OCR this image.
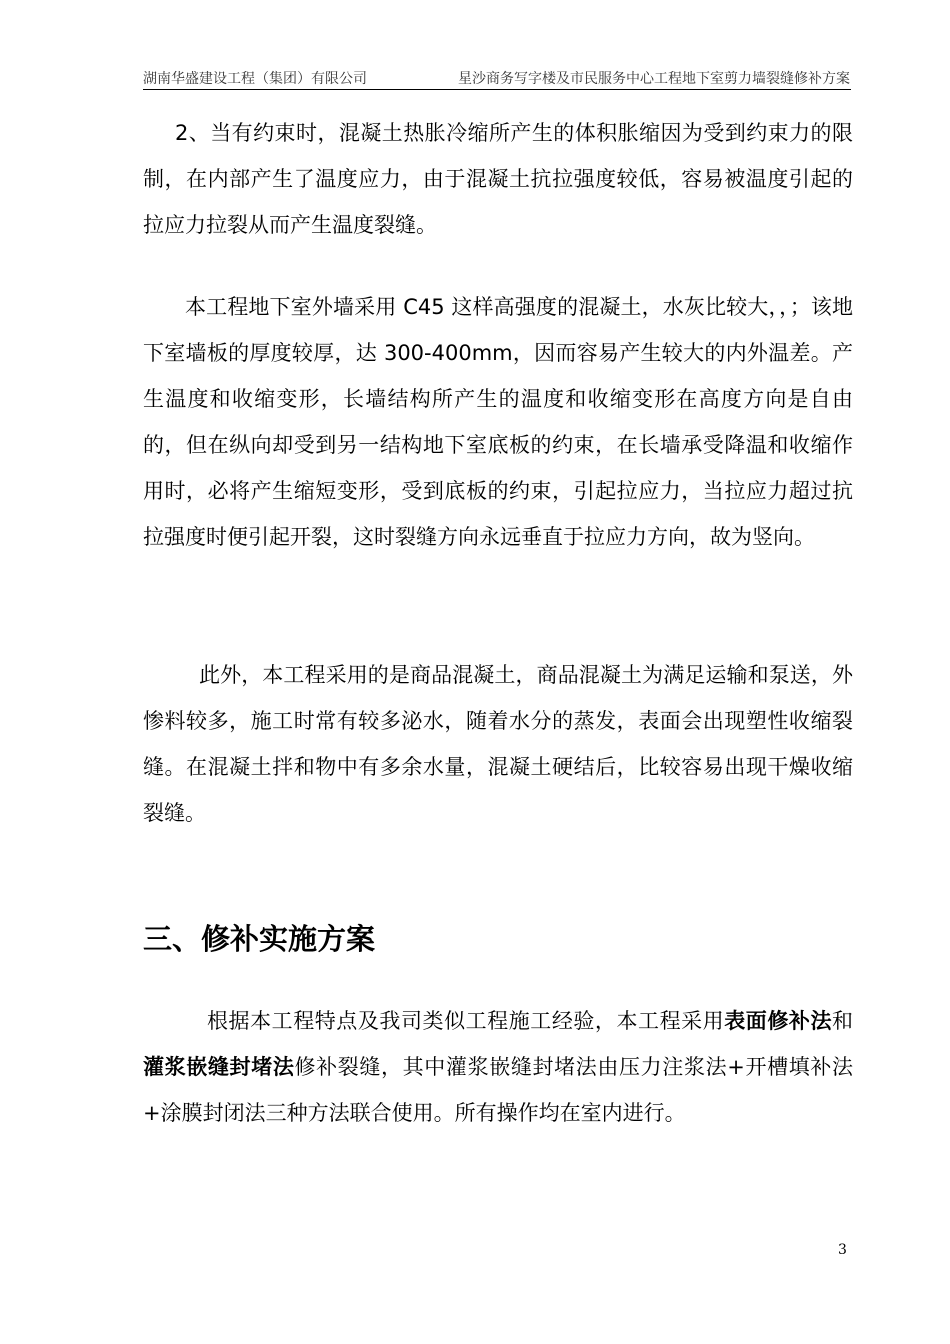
湖南华盛建设工程（集团）有限公司	星沙商务写字楼及市民服务中心工程地下室剪力墙裂缝修补方案

2、当有约束时，混凝土热胀冷缩所产生的体积胀缩因为受到约束力的限制，在内部产生了温度应力，由于混凝土抗拉强度较低，容易被温度引起的拉应力拉裂从而产生温度裂缝。

本工程地下室外墙采用 C45 这样高强度的混凝土，水灰比较大，，；该地下室墙板的厚度较厚，达 300-400mm，因而容易产生较大的内外温差。产生温度和收缩变形，长墙结构所产生的温度和收缩变形在高度方向是自由的，但在纵向却受到另一结构地下室底板的约束，在长墙承受降温和收缩作用时，必将产生缩短变形，受到底板的约束，引起拉应力，当拉应力超过抗拉强度时便引起开裂，这时裂缝方向永远垂直于拉应力方向，故为竖向。

此外，本工程采用的是商品混凝土，商品混凝土为满足运输和泵送，外惨料较多，施工时常有较多泌水，随着水分的蒸发，表面会出现塑性收缩裂缝。在混凝土拌和物中有多余水量，混凝土硬结后，比较容易出现干燥收缩裂缝。

三、修补实施方案

根据本工程特点及我司类似工程施工经验，本工程采用表面修补法和灌浆嵌缝封堵法修补裂缝，其中灌浆嵌缝封堵法由压力注浆法+开槽填补法+涂膜封闭法三种方法联合使用。所有操作均在室内进行。

3
